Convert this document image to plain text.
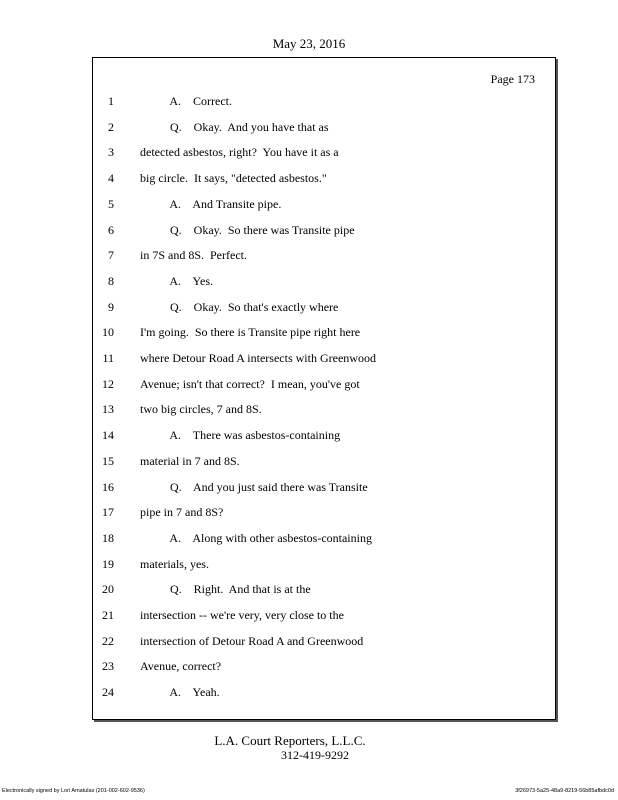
May 23, 2016
Page 173
1 A.    Correct.
2 Q.    Okay.  And you have that as
3 detected asbestos, right?  You have it as a
4 big circle.  It says, "detected asbestos."
5 A.    And Transite pipe.
6 Q.    Okay.  So there was Transite pipe
7 in 7S and 8S.  Perfect.
8 A.    Yes.
9 Q.    Okay.  So that's exactly where
10 I'm going.  So there is Transite pipe right here
11 where Detour Road A intersects with Greenwood
12 Avenue; isn't that correct?  I mean, you've got
13 two big circles, 7 and 8S.
14 A.    There was asbestos-containing
15 material in 7 and 8S.
16 Q.    And you just said there was Transite
17 pipe in 7 and 8S?
18 A.    Along with other asbestos-containing
19 materials, yes.
20 Q.    Right.  And that is at the
21 intersection -- we're very, very close to the
22 intersection of Detour Road A and Greenwood
23 Avenue, correct?
24 A.    Yeah.
L.A. Court Reporters, L.L.C.
312-419-9292
Electronically signed by Lori Amatulas (201-002-602-9536)	3f26973-5a25-48a9-8219-56b85afbdc0d
